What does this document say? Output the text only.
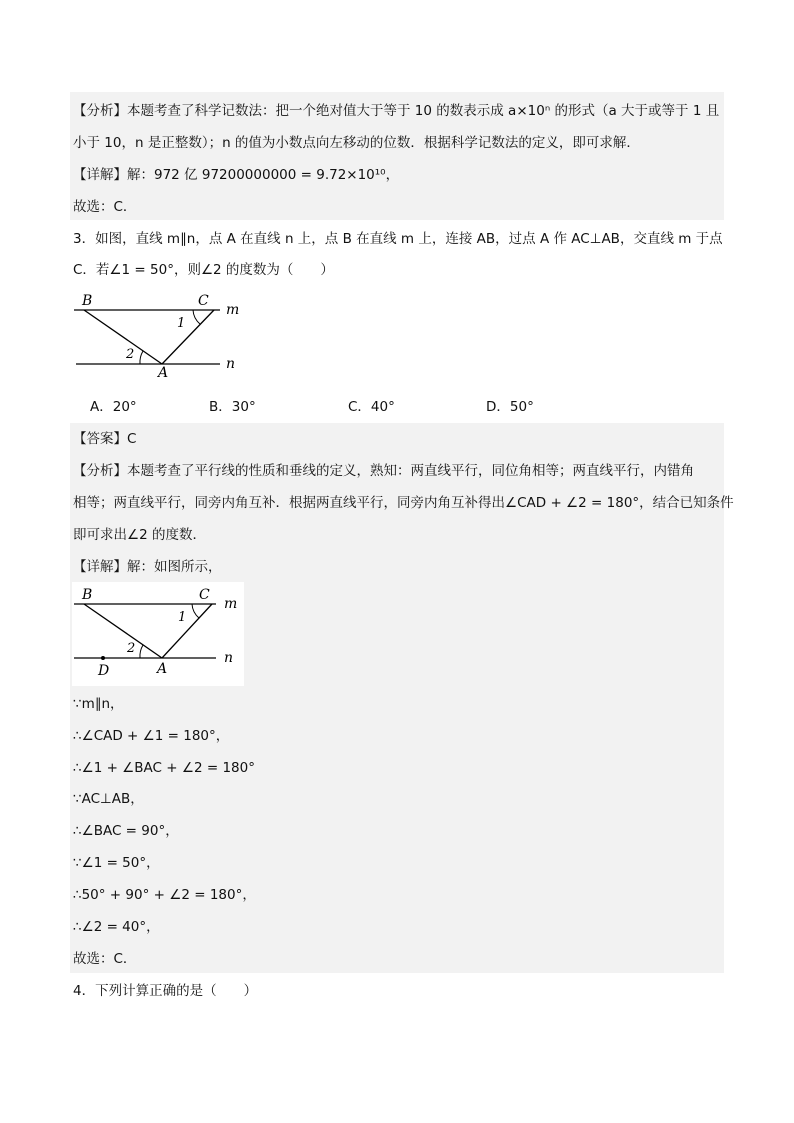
【分析】本题考查了科学记数法：把一个绝对值大于等于 10 的数表示成 a×10ⁿ 的形式（a 大于或等于 1 且
小于 10，n 是正整数）；n 的值为小数点向左移动的位数．根据科学记数法的定义，即可求解．
【详解】解：972 亿 97200000000 = 9.72×10¹⁰，
故选：C．
3．如图，直线 m∥n，点 A 在直线 n 上，点 B 在直线 m 上，连接 AB，过点 A 作 AC⊥AB，交直线 m 于点
C．若∠1 = 50°，则∠2 的度数为（　　）
B	C
m
1
2
n
A
A．20°	B．30°	C．40°	D．50°
【答案】C
【分析】本题考查了平行线的性质和垂线的定义，熟知：两直线平行，同位角相等；两直线平行，内错角
相等；两直线平行，同旁内角互补．根据两直线平行，同旁内角互补得出∠CAD + ∠2 = 180°，结合已知条件
即可求出∠2 的度数．
【详解】解：如图所示，
B	C
m
1
2
n
D	A
∵m∥n，
∴∠CAD + ∠1 = 180°，
∴∠1 + ∠BAC + ∠2 = 180°
∵AC⊥AB，
∴∠BAC = 90°，
∵∠1 = 50°，
∴50° + 90° + ∠2 = 180°，
∴∠2 = 40°，
故选：C．
4．下列计算正确的是（　　）
